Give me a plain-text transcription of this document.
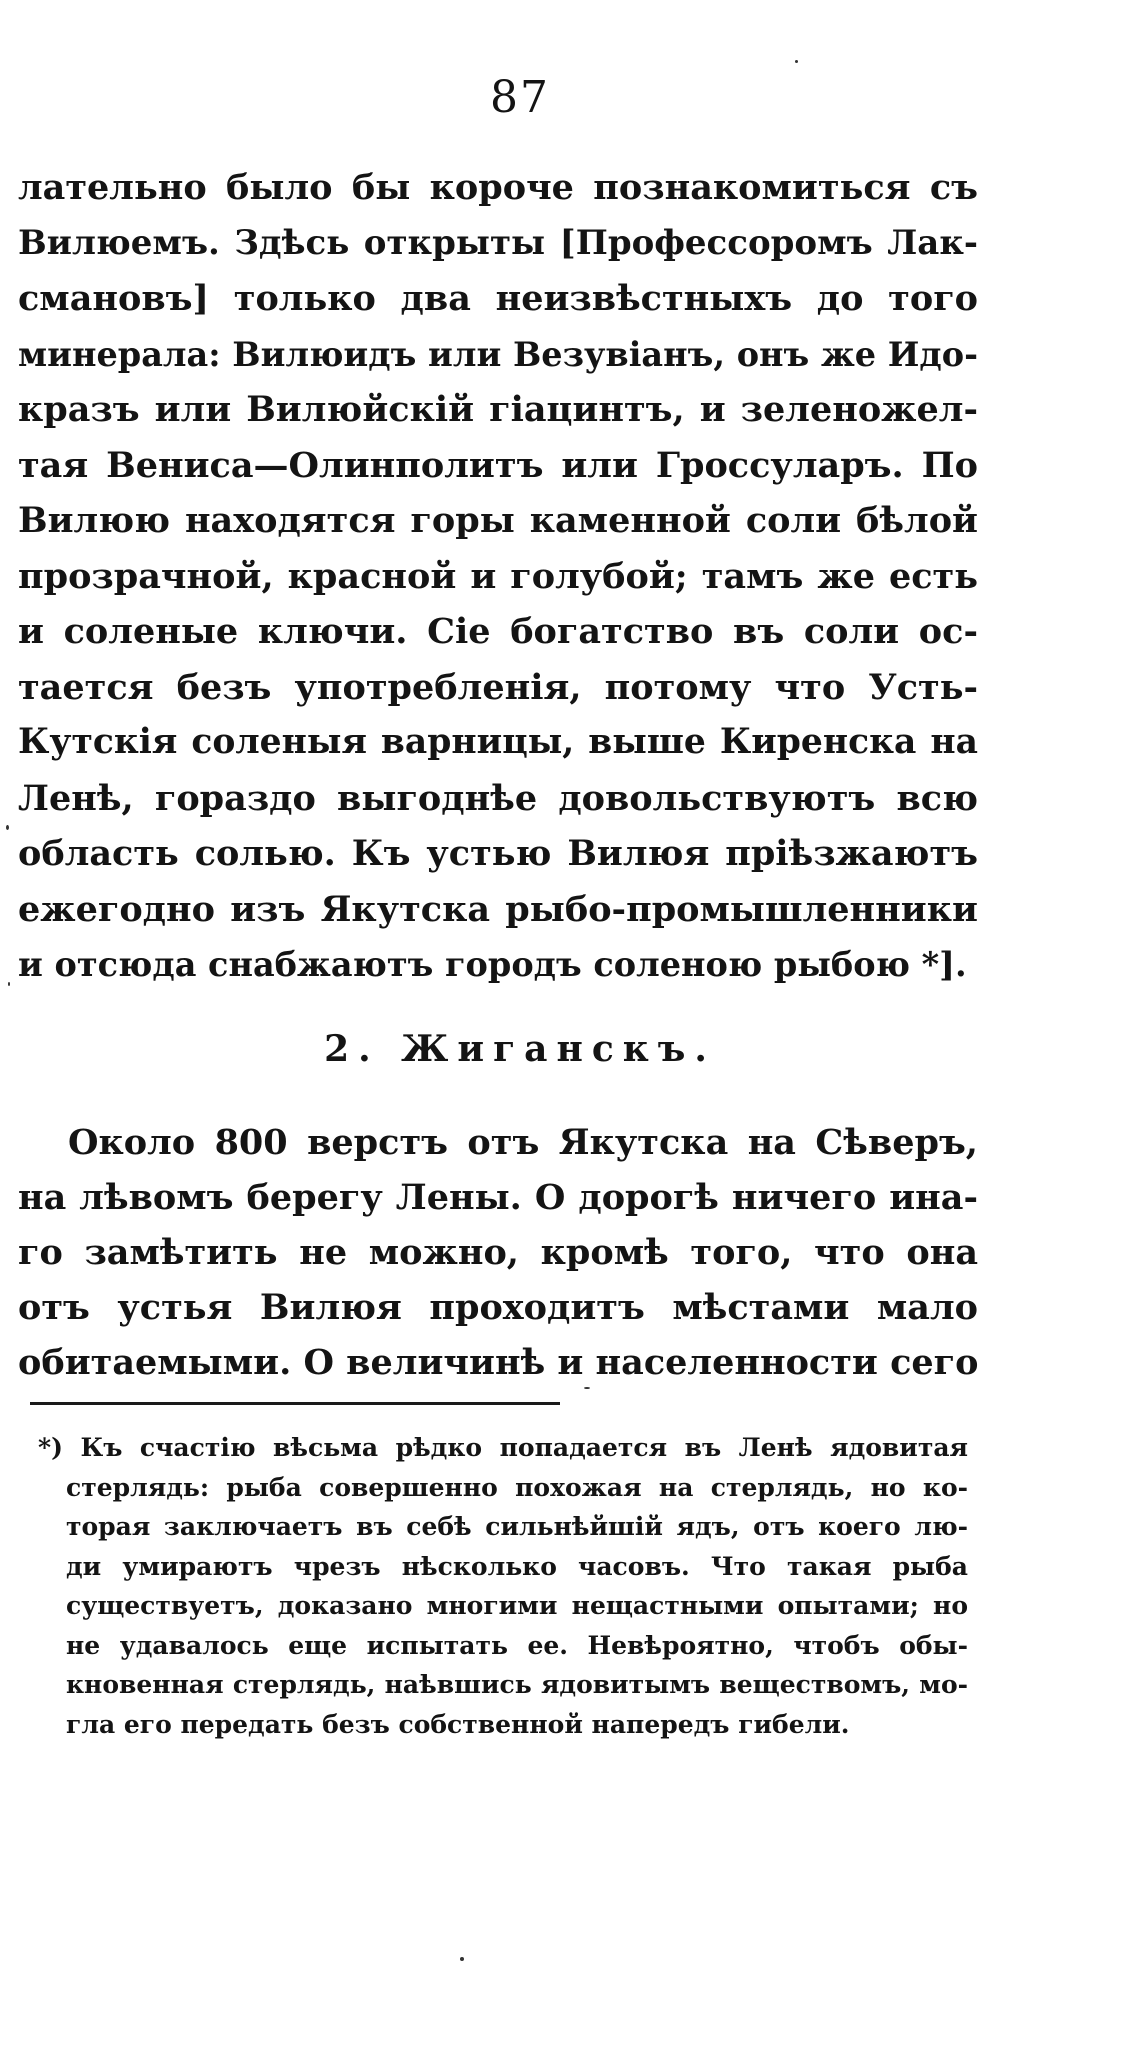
87
лательно было бы короче познакомиться съ
Вилюемъ. Здѣсь открыты [Профессоромъ Лак-
смановъ] только два неизвѣстныхъ до того
минерала: Вилюидъ или Везувіанъ, онъ же Идо-
кразъ или Вилюйскій гіацинтъ, и зеленожел-
тая Вениса—Олинполитъ или Гроссуларъ. По
Вилюю находятся горы каменной соли бѣлой
прозрачной, красной и голубой; тамъ же есть
и соленые ключи. Сіе богатство въ соли ос-
тается безъ употребленія, потому что Усть-
Кутскія соленыя варницы, выше Киренска на
Ленѣ, гораздо выгоднѣе довольствуютъ всю
область солью. Къ устью Вилюя пріѣзжаютъ
ежегодно изъ Якутска рыбо-промышленники
и отсюда снабжаютъ городъ соленою рыбою *].
2. Жиганскъ.
Около 800 верстъ отъ Якутска на Сѣверъ,
на лѣвомъ берегу Лены. О дорогѣ ничего ина-
го замѣтить не можно, кромѣ того, что она
отъ устья Вилюя проходитъ мѣстами мало
обитаемыми. О величинѣ и населенности сего
*) Къ счастію вѣсьма рѣдко попадается въ Ленѣ ядовитая
стерлядь: рыба совершенно похожая на стерлядь, но ко-
торая заключаетъ въ себѣ сильнѣйшій ядъ, отъ коего лю-
ди умираютъ чрезъ нѣсколько часовъ. Что такая рыба
существуетъ, доказано многими нещастными опытами; но
не удавалось еще испытать ее. Невѣроятно, чтобъ обы-
кновенная стерлядь, наѣвшись ядовитымъ веществомъ, мо-
гла его передать безъ собственной напередъ гибели.
